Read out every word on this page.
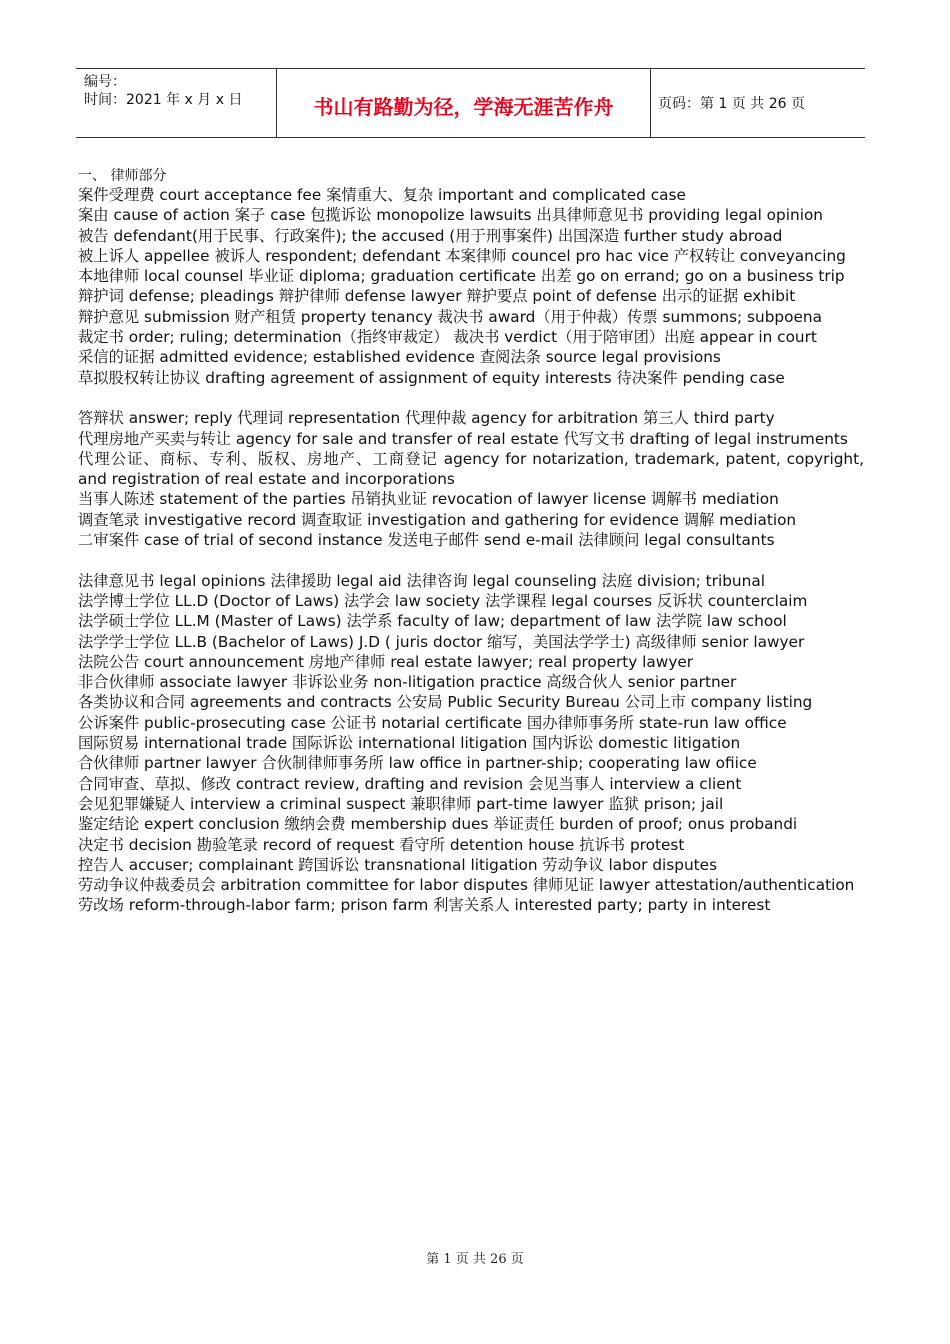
编号：
时间：2021 年 x 月 x 日	书山有路勤为径，学海无涯苦作舟	页码：第 1 页 共 26 页
一、 律师部分
案件受理费 court acceptance fee 案情重大、复杂 important and complicated case
案由 cause of action 案子 case 包揽诉讼 monopolize lawsuits 出具律师意见书 providing legal opinion
被告 defendant(用于民事、行政案件); the accused (用于刑事案件) 出国深造 further study abroad
被上诉人 appellee 被诉人 respondent; defendant 本案律师 councel pro hac vice 产权转让 conveyancing
本地律师 local counsel 毕业证 diploma; graduation certificate 出差 go on errand; go on a business trip
辩护词 defense; pleadings 辩护律师 defense lawyer 辩护要点 point of defense 出示的证据 exhibit
辩护意见 submission 财产租赁 property tenancy 裁决书 award（用于仲裁）传票 summons; subpoena
裁定书 order; ruling; determination（指终审裁定） 裁决书 verdict（用于陪审团）出庭 appear in court
采信的证据 admitted evidence; established evidence 查阅法条 source legal provisions
草拟股权转让协议 drafting agreement of assignment of equity interests 待决案件 pending case
答辩状 answer; reply 代理词 representation 代理仲裁 agency for arbitration 第三人 third party
代理房地产买卖与转让 agency for sale and transfer of real estate 代写文书 drafting of legal instruments
代理公证、商标、专利、版权、房地产、工商登记 agency for notarization, trademark, patent, copyright, and registration of real estate and incorporations
当事人陈述 statement of the parties 吊销执业证 revocation of lawyer license 调解书 mediation
调查笔录 investigative record 调查取证 investigation and gathering for evidence 调解 mediation
二审案件 case of trial of second instance 发送电子邮件 send e-mail 法律顾问 legal consultants
法律意见书 legal opinions 法律援助 legal aid 法律咨询 legal counseling 法庭 division; tribunal
法学博士学位 LL.D (Doctor of Laws) 法学会 law society 法学课程 legal courses 反诉状 counterclaim
法学硕士学位 LL.M (Master of Laws) 法学系 faculty of law; department of law 法学院 law school
法学学士学位 LL.B (Bachelor of Laws) J.D ( juris doctor 缩写，美国法学学士) 高级律师 senior lawyer
法院公告 court announcement 房地产律师 real estate lawyer; real property lawyer
非合伙律师 associate lawyer 非诉讼业务 non-litigation practice 高级合伙人 senior partner
各类协议和合同 agreements and contracts 公安局 Public Security Bureau 公司上市 company listing
公诉案件 public-prosecuting case 公证书 notarial certificate 国办律师事务所 state-run law office
国际贸易 international trade 国际诉讼 international litigation 国内诉讼 domestic litigation
合伙律师 partner lawyer 合伙制律师事务所 law office in partner-ship; cooperating law ofiice
合同审查、草拟、修改 contract review, drafting and revision 会见当事人 interview a client
会见犯罪嫌疑人 interview a criminal suspect 兼职律师 part-time lawyer 监狱 prison; jail
鉴定结论 expert conclusion 缴纳会费 membership dues 举证责任 burden of proof; onus probandi
决定书 decision 勘验笔录 record of request 看守所 detention house 抗诉书 protest
控告人 accuser; complainant 跨国诉讼 transnational litigation 劳动争议 labor disputes
劳动争议仲裁委员会 arbitration committee for labor disputes 律师见证 lawyer attestation/authentication
劳改场 reform-through-labor farm; prison farm 利害关系人 interested party; party in interest
第 1 页 共 26 页
